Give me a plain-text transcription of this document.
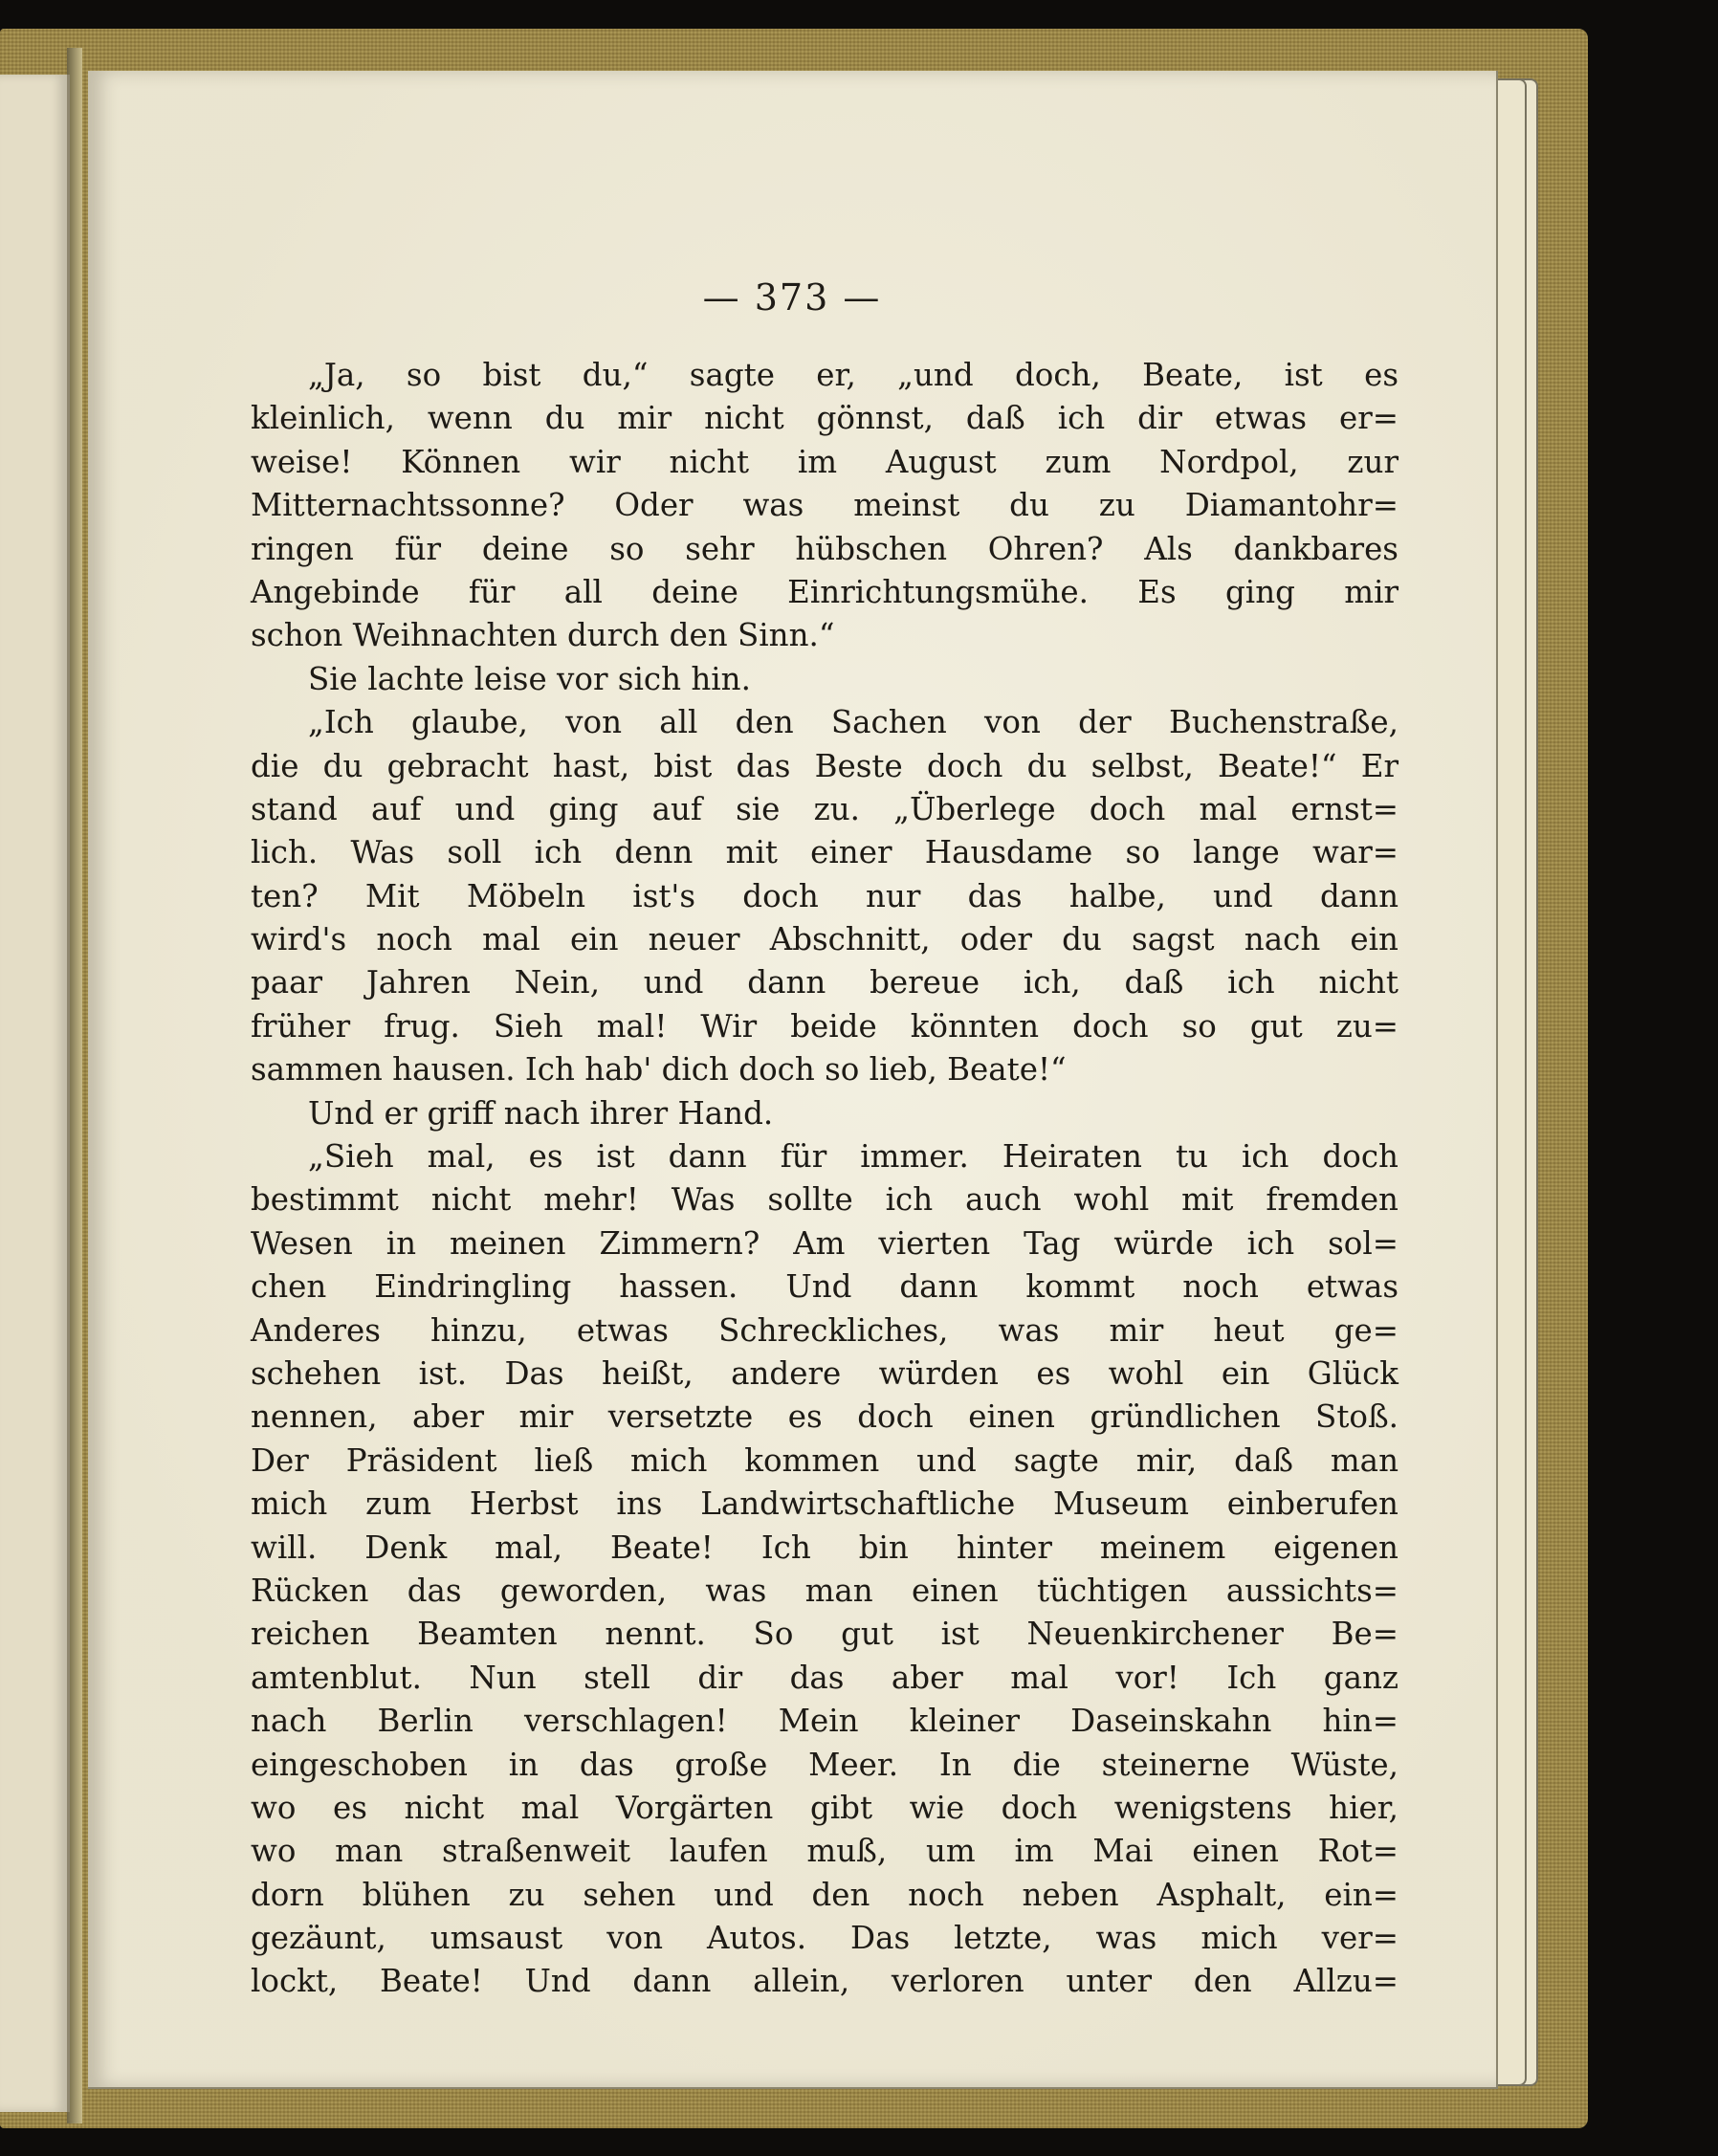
— 373 —
„Ja, so bist du,“ sagte er, „und doch, Beate, ist es
kleinlich, wenn du mir nicht gönnst, daß ich dir etwas er=
weise! Können wir nicht im August zum Nordpol, zur
Mitternachtssonne? Oder was meinst du zu Diamantohr=
ringen für deine so sehr hübschen Ohren? Als dankbares
Angebinde für all deine Einrichtungsmühe. Es ging mir
schon Weihnachten durch den Sinn.“
Sie lachte leise vor sich hin.
„Ich glaube, von all den Sachen von der Buchenstraße,
die du gebracht hast, bist das Beste doch du selbst, Beate!“ Er
stand auf und ging auf sie zu. „Überlege doch mal ernst=
lich. Was soll ich denn mit einer Hausdame so lange war=
ten? Mit Möbeln ist's doch nur das halbe, und dann
wird's noch mal ein neuer Abschnitt, oder du sagst nach ein
paar Jahren Nein, und dann bereue ich, daß ich nicht
früher frug. Sieh mal! Wir beide könnten doch so gut zu=
sammen hausen. Ich hab' dich doch so lieb, Beate!“
Und er griff nach ihrer Hand.
„Sieh mal, es ist dann für immer. Heiraten tu ich doch
bestimmt nicht mehr! Was sollte ich auch wohl mit fremden
Wesen in meinen Zimmern? Am vierten Tag würde ich sol=
chen Eindringling hassen. Und dann kommt noch etwas
Anderes hinzu, etwas Schreckliches, was mir heut ge=
schehen ist. Das heißt, andere würden es wohl ein Glück
nennen, aber mir versetzte es doch einen gründlichen Stoß.
Der Präsident ließ mich kommen und sagte mir, daß man
mich zum Herbst ins Landwirtschaftliche Museum einberufen
will. Denk mal, Beate! Ich bin hinter meinem eigenen
Rücken das geworden, was man einen tüchtigen aussichts=
reichen Beamten nennt. So gut ist Neuenkirchener Be=
amtenblut. Nun stell dir das aber mal vor! Ich ganz
nach Berlin verschlagen! Mein kleiner Daseinskahn hin=
eingeschoben in das große Meer. In die steinerne Wüste,
wo es nicht mal Vorgärten gibt wie doch wenigstens hier,
wo man straßenweit laufen muß, um im Mai einen Rot=
dorn blühen zu sehen und den noch neben Asphalt, ein=
gezäunt, umsaust von Autos. Das letzte, was mich ver=
lockt, Beate! Und dann allein, verloren unter den Allzu=
